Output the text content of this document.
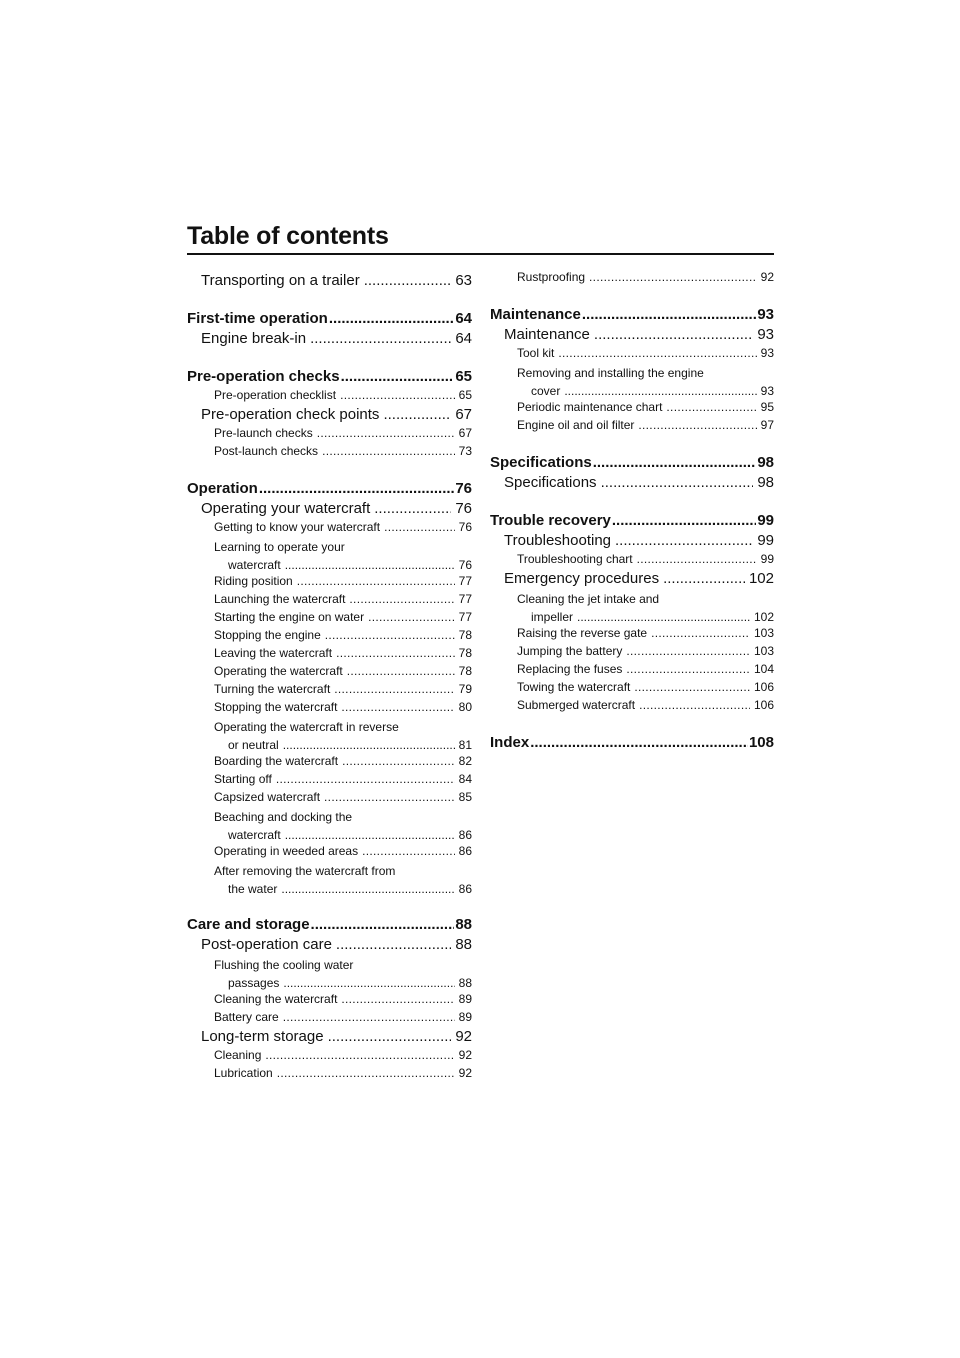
Table of contents
Transporting on a trailer .....	63
First-time operation .....	64
Engine break-in .....	64
Pre-operation checks .....	65
Pre-operation checklist .....	65
Pre-operation check points .....	67
Pre-launch checks .....	67
Post-launch checks .....	73
Operation .....	76
Operating your watercraft .....	76
Getting to know your watercraft .....	76
Learning to operate your
watercraft .....	76
Riding position .....	77
Launching the watercraft .....	77
Starting the engine on water .....	77
Stopping the engine .....	78
Leaving the watercraft .....	78
Operating the watercraft .....	78
Turning the watercraft .....	79
Stopping the watercraft .....	80
Operating the watercraft in reverse
or neutral .....	81
Boarding the watercraft .....	82
Starting off .....	84
Capsized watercraft .....	85
Beaching and docking the
watercraft .....	86
Operating in weeded areas .....	86
After removing the watercraft from
the water .....	86
Care and storage .....	88
Post-operation care .....	88
Flushing the cooling water
passages .....	88
Cleaning the watercraft .....	89
Battery care .....	89
Long-term storage .....	92
Cleaning .....	92
Lubrication .....	92
Rustproofing .....	92
Maintenance .....	93
Maintenance .....	93
Tool kit .....	93
Removing and installing the engine
cover .....	93
Periodic maintenance chart .....	95
Engine oil and oil filter .....	97
Specifications .....	98
Specifications .....	98
Trouble recovery .....	99
Troubleshooting .....	99
Troubleshooting chart .....	99
Emergency procedures .....	102
Cleaning the jet intake and
impeller .....	102
Raising the reverse gate .....	103
Jumping the battery .....	103
Replacing the fuses .....	104
Towing the watercraft .....	106
Submerged watercraft .....	106
Index .....	108
